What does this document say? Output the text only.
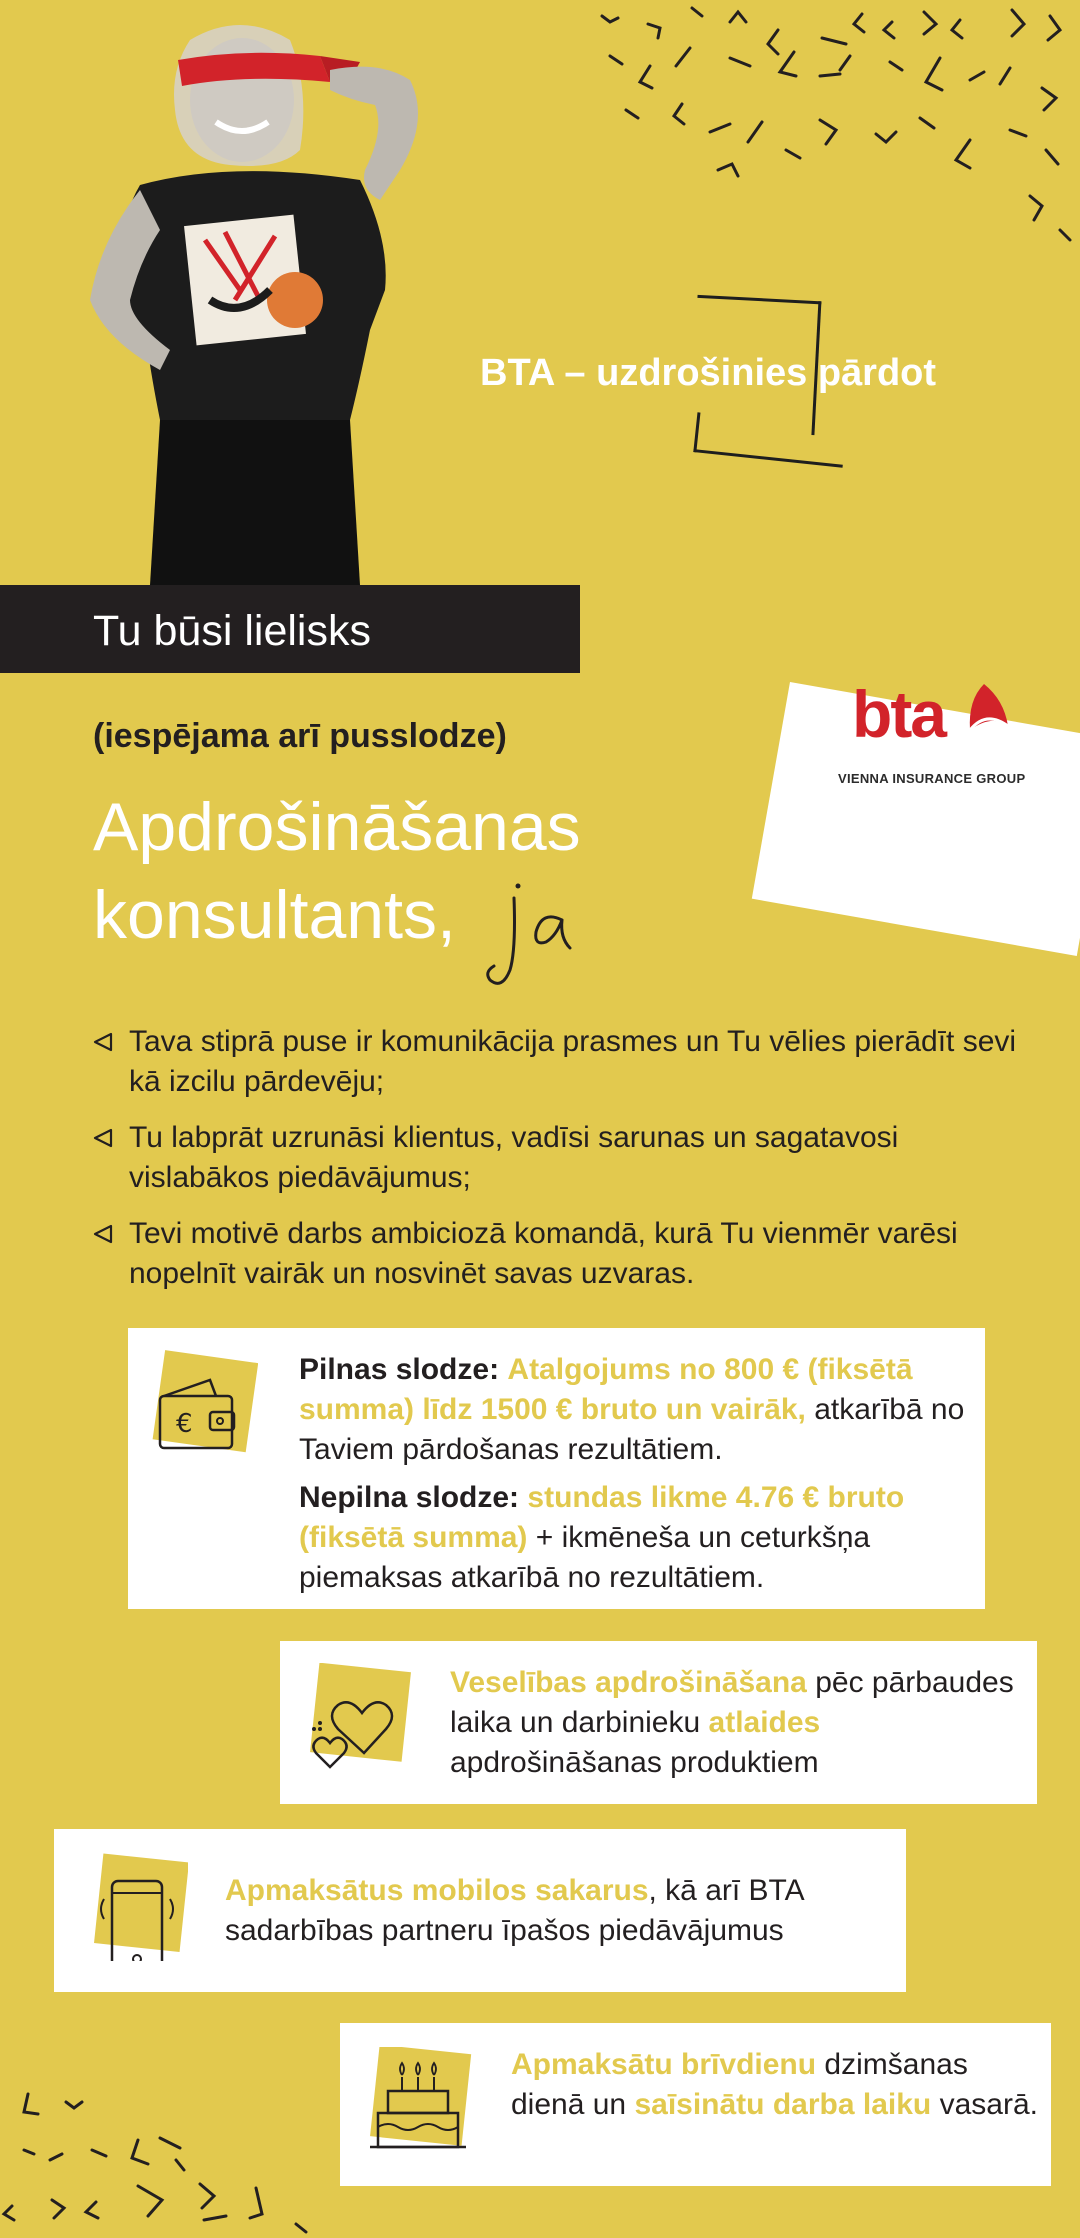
BTA – uzdrošinies pārdot
Tu būsi lielisks
bta
VIENNA INSURANCE GROUP
(iespējama arī pusslodze)
Apdrošināšanas
konsultants,
Tava stiprā puse ir komunikācija prasmes un Tu vēlies pierādīt sevi kā izcilu pārdevēju;
Tu labprāt uzrunāsi klientus, vadīsi sarunas un sagatavosi vislabākos piedāvājumus;
Tevi motivē darbs ambiciozā komandā, kurā Tu vienmēr varēsi nopelnīt vairāk un nosvinēt savas uzvaras.
€
Pilnas slodze: Atalgojums no 800 € (fiksētā summa) līdz 1500 € bruto un vairāk, atkarībā no Taviem pārdošanas rezultātiem.
Nepilna slodze: stundas likme 4.76 € bruto (fiksētā summa) + ikmēneša un ceturkšņa piemaksas atkarībā no rezultātiem.
Veselības apdrošināšana pēc pārbaudes laika un darbinieku atlaides apdrošināšanas produktiem
Apmaksātus mobilos sakarus, kā arī BTA sadarbības partneru īpašos piedāvājumus
Apmaksātu brīvdienu dzimšanas dienā un saīsinātu darba laiku vasarā.
